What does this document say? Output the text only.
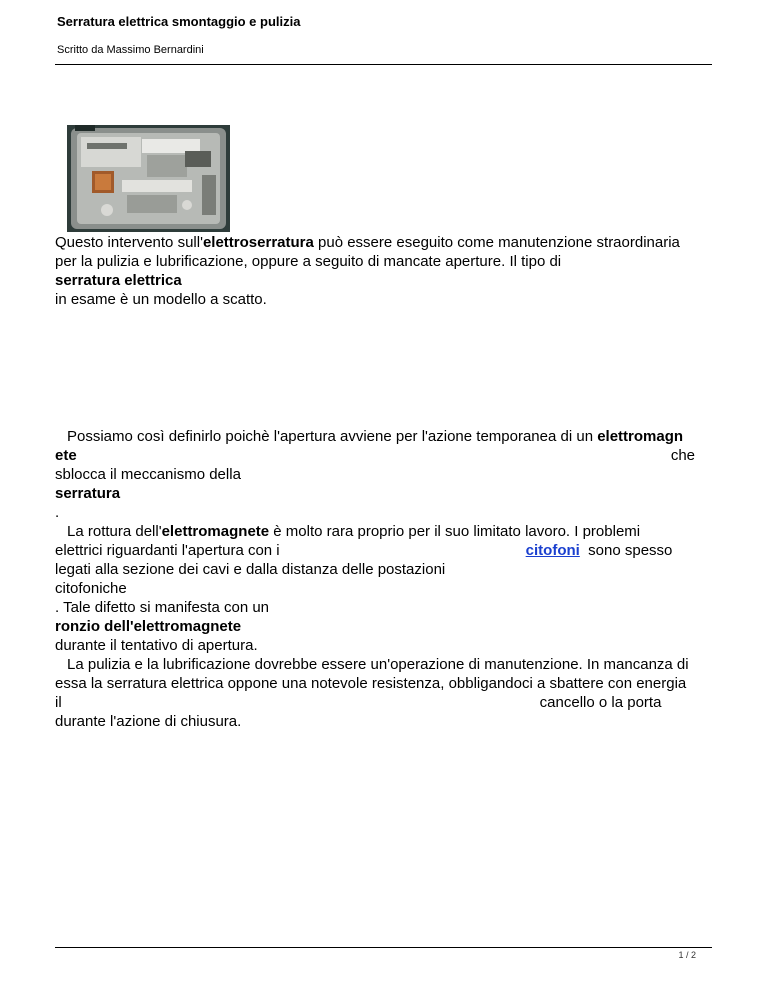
Serratura elettrica smontaggio e pulizia
Scritto da Massimo Bernardini

Questo intervento sull'elettroserratura può essere eseguito come manutenzione straordinaria
per la pulizia e lubrificazione, oppure a seguito di mancate aperture. Il tipo di
serratura elettrica
in esame è un modello a scatto.

Possiamo così definirlo poichè l'apertura avviene per l'azione temporanea di un elettromagn
ete	che
sblocca il meccanismo della
serratura
.
La rottura dell'elettromagnete è molto rara proprio per il suo limitato lavoro. I problemi
elettrici riguardanti l'apertura con i	citofoni sono spesso
legati alla sezione dei cavi e dalla distanza delle postazioni
citofoniche
. Tale difetto si manifesta con un
ronzio dell'elettromagnete
durante il tentativo di apertura.
La pulizia e la lubrificazione dovrebbe essere un'operazione di manutenzione. In mancanza di
essa la serratura elettrica oppone una notevole resistenza, obbligandoci a sbattere con energia
il	cancello o la porta
durante l'azione di chiusura.

1 / 2
